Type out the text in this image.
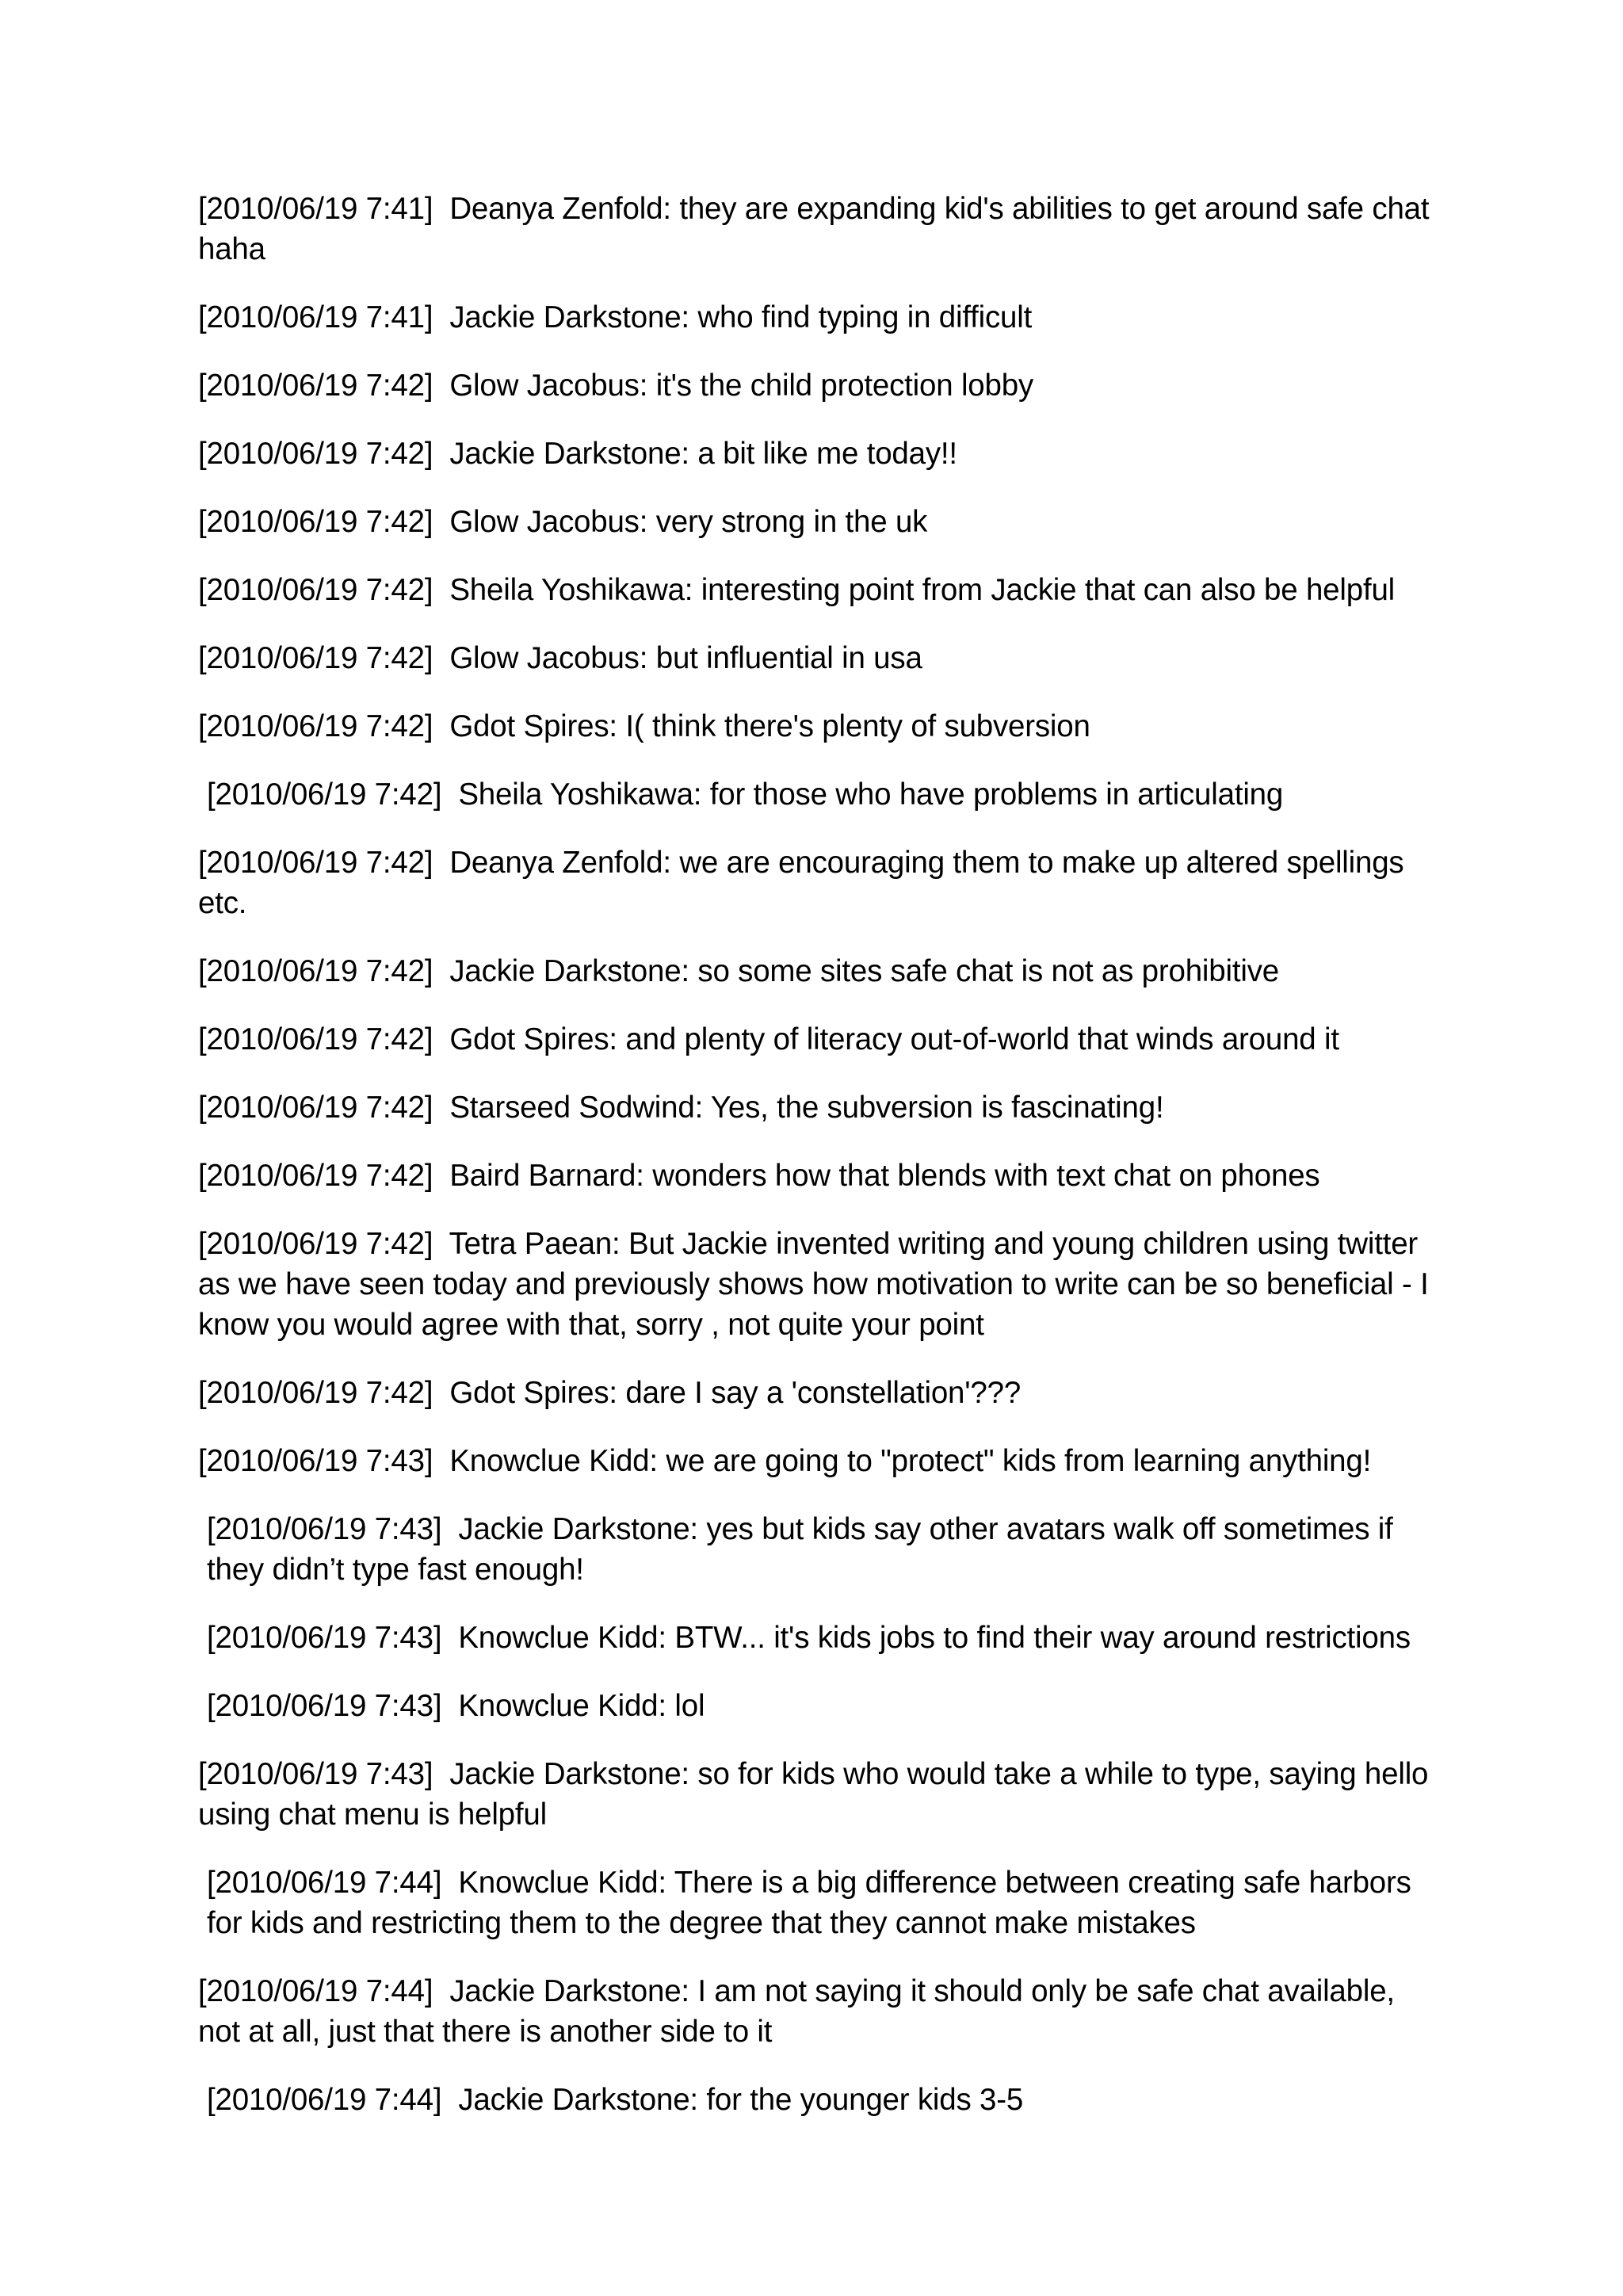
[2010/06/19 7:41] Deanya Zenfold: they are expanding kid's abilities to get around safe chat haha
[2010/06/19 7:41] Jackie Darkstone: who find typing in difficult
[2010/06/19 7:42] Glow Jacobus: it's the child protection lobby
[2010/06/19 7:42] Jackie Darkstone: a bit like me today!!
[2010/06/19 7:42] Glow Jacobus: very strong in the uk
[2010/06/19 7:42] Sheila Yoshikawa: interesting point from Jackie that can also be helpful
[2010/06/19 7:42] Glow Jacobus: but influential in usa
[2010/06/19 7:42] Gdot Spires: I( think there's plenty of subversion
[2010/06/19 7:42] Sheila Yoshikawa: for those who have problems in articulating
[2010/06/19 7:42] Deanya Zenfold: we are encouraging them to make up altered spellings etc.
[2010/06/19 7:42] Jackie Darkstone: so some sites safe chat is not as prohibitive
[2010/06/19 7:42] Gdot Spires: and plenty of literacy out-of-world that winds around it
[2010/06/19 7:42] Starseed Sodwind: Yes, the subversion is fascinating!
[2010/06/19 7:42] Baird Barnard: wonders how that blends with text chat on phones
[2010/06/19 7:42] Tetra Paean: But Jackie invented writing and young children using twitter as we have seen today and previously shows how motivation to write can be so beneficial - I know you would agree with that, sorry , not quite your point
[2010/06/19 7:42] Gdot Spires: dare I say a 'constellation'???
[2010/06/19 7:43] Knowclue Kidd: we are going to "protect" kids from learning anything!
[2010/06/19 7:43] Jackie Darkstone: yes but kids say other avatars walk off sometimes if they didn’t type fast enough!
[2010/06/19 7:43] Knowclue Kidd: BTW... it's kids jobs to find their way around restrictions
[2010/06/19 7:43] Knowclue Kidd: lol
[2010/06/19 7:43] Jackie Darkstone: so for kids who would take a while to type, saying hello using chat menu is helpful
[2010/06/19 7:44] Knowclue Kidd: There is a big difference between creating safe harbors for kids and restricting them to the degree that they cannot make mistakes
[2010/06/19 7:44] Jackie Darkstone: I am not saying it should only be safe chat available, not at all, just that there is another side to it
[2010/06/19 7:44] Jackie Darkstone: for the younger kids 3-5
